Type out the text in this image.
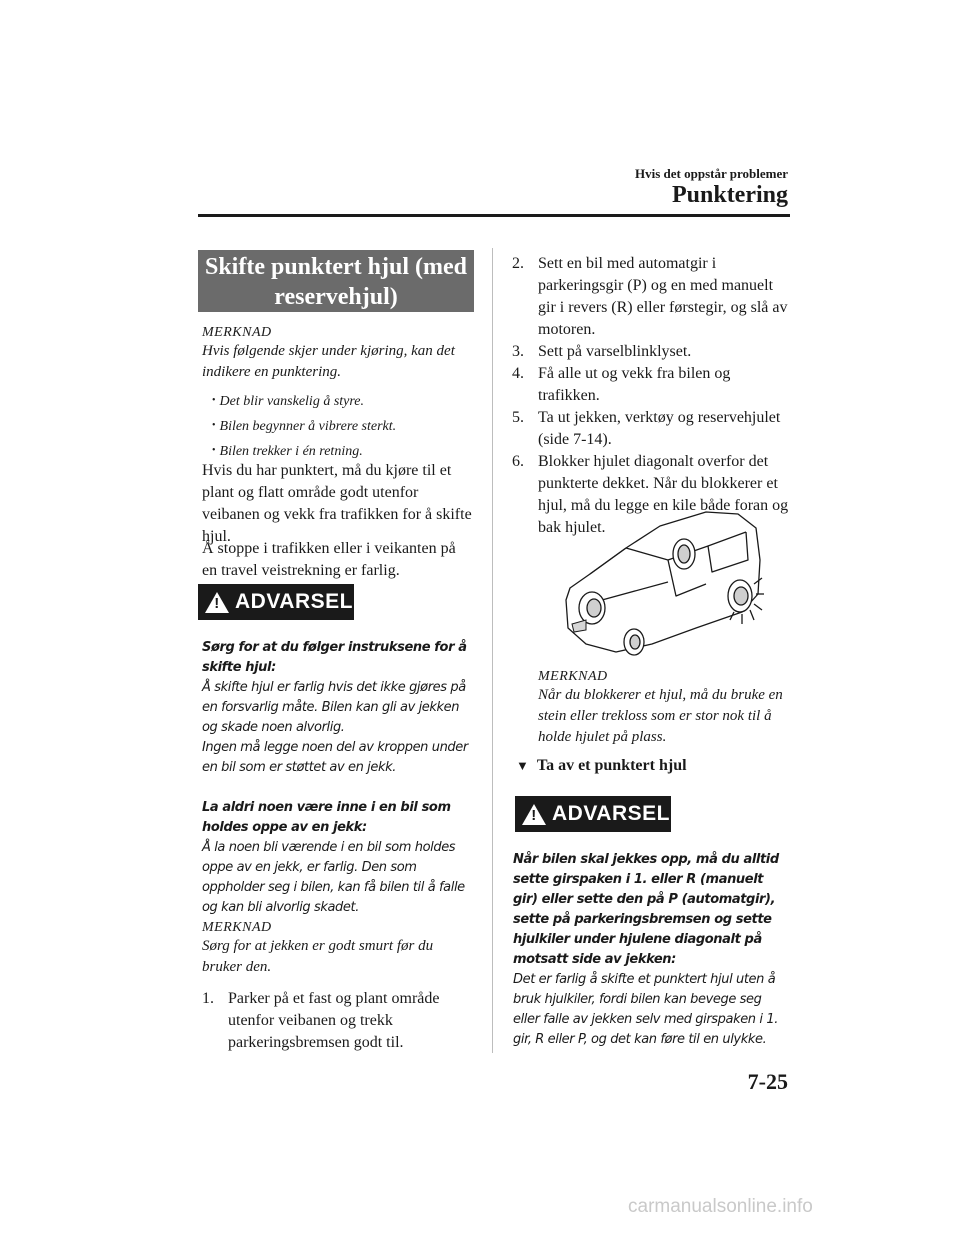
Hvis det oppstår problemer
Punktering
Skifte punktert hjul (med
reservehjul)
MERKNAD
Hvis følgende skjer under kjøring, kan det indikere en punktering.
• Det blir vanskelig å styre.
• Bilen begynner å vibrere sterkt.
• Bilen trekker i én retning.
Hvis du har punktert, må du kjøre til et plant og flatt område godt utenfor veibanen og vekk fra trafikken for å skifte hjul.
Å stoppe i trafikken eller i veikanten på en travel veistrekning er farlig.
!
ADVARSEL
Sørg for at du følger instruksene for å skifte hjul:
Å skifte hjul er farlig hvis det ikke gjøres på en forsvarlig måte. Bilen kan gli av jekken og skade noen alvorlig.
Ingen må legge noen del av kroppen under en bil som er støttet av en jekk.
La aldri noen være inne i en bil som holdes oppe av en jekk:
Å la noen bli værende i en bil som holdes oppe av en jekk, er farlig. Den som oppholder seg i bilen, kan få bilen til å falle og kan bli alvorlig skadet.
MERKNAD
Sørg for at jekken er godt smurt før du bruker den.
1. Parker på et fast og plant område utenfor veibanen og trekk parkeringsbremsen godt til.
2. Sett en bil med automatgir i parkeringsgir (P) og en med manuelt gir i revers (R) eller førstegir, og slå av motoren.
3. Sett på varselblinklyset.
4. Få alle ut og vekk fra bilen og trafikken.
5. Ta ut jekken, verktøy og reservehjulet (side 7-14).
6. Blokker hjulet diagonalt overfor det punkterte dekket. Når du blokkerer et hjul, må du legge en kile både foran og bak hjulet.
MERKNAD
Når du blokkerer et hjul, må du bruke en stein eller trekloss som er stor nok til å holde hjulet på plass.
▼ Ta av et punktert hjul
!
ADVARSEL
Når bilen skal jekkes opp, må du alltid sette girspaken i 1. eller R (manuelt gir) eller sette den på P (automatgir), sette på parkeringsbremsen og sette hjulkiler under hjulene diagonalt på motsatt side av jekken:
Det er farlig å skifte et punktert hjul uten å bruk hjulkiler, fordi bilen kan bevege seg eller falle av jekken selv med girspaken i 1. gir, R eller P, og det kan føre til en ulykke.
7-25
carmanualsonline.info
